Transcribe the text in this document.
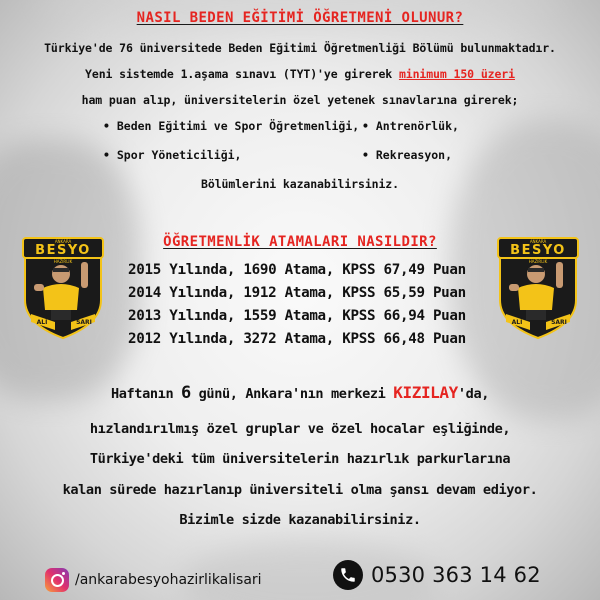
NASIL BEDEN EĞİTİMİ ÖĞRETMENİ OLUNUR?
Türkiye'de 76 üniversitede Beden Eğitimi Öğretmenliği Bölümü bulunmaktadır.
Yeni sistemde 1.aşama sınavı (TYT)'ye girerek minimum 150 üzeri
ham puan alıp, üniversitelerin özel yetenek sınavlarına girerek;
• Beden Eğitimi ve Spor Öğretmenliği,	• Antrenörlük,
• Spor Yöneticiliği,	• Rekreasyon,
Bölümlerini kazanabilirsiniz.
ÖĞRETMENLİK ATAMALARI NASILDIR?
2015 Yılında, 1690 Atama, KPSS 67,49 Puan
2014 Yılında, 1912 Atama, KPSS 65,59 Puan
2013 Yılında, 1559 Atama, KPSS 66,94 Puan
2012 Yılında, 3272 Atama, KPSS 66,48 Puan
ANKARA
BESYO
HAZIRLIK
ALİ	SARI
ANKARA
BESYO
HAZIRLIK
ALİ	SARI
Haftanın 6 günü, Ankara'nın merkezi KIZILAY'da,
hızlandırılmış özel gruplar ve özel hocalar eşliğinde,
Türkiye'deki tüm üniversitelerin hazırlık parkurlarına
kalan sürede hazırlanıp üniversiteli olma şansı devam ediyor.
Bizimle sizde kazanabilirsiniz.
/ankarabesyohazirlikalisari	0530 363 14 62
